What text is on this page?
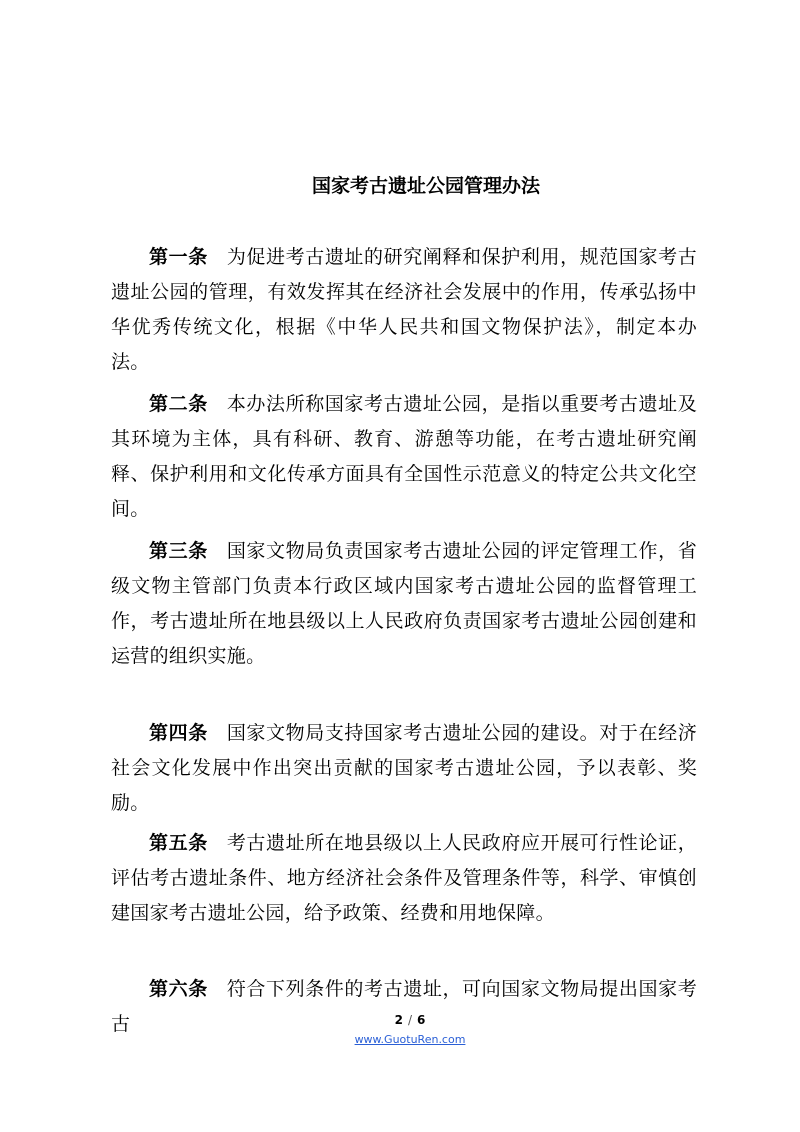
国家考古遗址公园管理办法

第一条 为促进考古遗址的研究阐释和保护利用，规范国家考古遗址公园的管理，有效发挥其在经济社会发展中的作用，传承弘扬中华优秀传统文化，根据《中华人民共和国文物保护法》，制定本办法。

第二条 本办法所称国家考古遗址公园，是指以重要考古遗址及其环境为主体，具有科研、教育、游憩等功能，在考古遗址研究阐释、保护利用和文化传承方面具有全国性示范意义的特定公共文化空间。

第三条 国家文物局负责国家考古遗址公园的评定管理工作，省级文物主管部门负责本行政区域内国家考古遗址公园的监督管理工作，考古遗址所在地县级以上人民政府负责国家考古遗址公园创建和运营的组织实施。

第四条 国家文物局支持国家考古遗址公园的建设。对于在经济社会文化发展中作出突出贡献的国家考古遗址公园，予以表彰、奖励。

第五条 考古遗址所在地县级以上人民政府应开展可行性论证，评估考古遗址条件、地方经济社会条件及管理条件等，科学、审慎创建国家考古遗址公园，给予政策、经费和用地保障。

第六条 符合下列条件的考古遗址，可向国家文物局提出国家考古	2 / 6
www.GuotuRen.com
